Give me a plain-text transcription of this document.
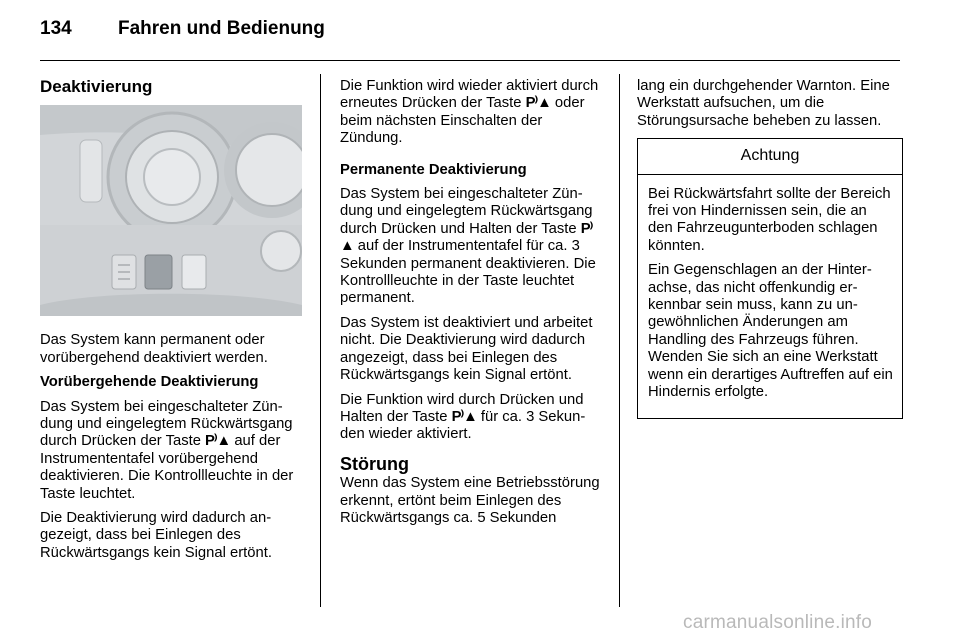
134	Fahren und Bedienung

Deaktivierung

Das System kann permanent oder vorübergehend deaktiviert werden.

Vorübergehende Deaktivierung

Das System bei eingeschalteter Zündung und eingelegtem Rückwärtsgang durch Drücken der Taste P⁾▲ auf der Instrumententafel vorübergehend deaktivieren. Die Kontrollleuchte in der Taste leuchtet.

Die Deaktivierung wird dadurch angezeigt, dass bei Einlegen des Rückwärtsgangs kein Signal ertönt.

Die Funktion wird wieder aktiviert durch erneutes Drücken der Taste P⁾▲ oder beim nächsten Einschalten der Zündung.

Permanente Deaktivierung

Das System bei eingeschalteter Zündung und eingelegtem Rückwärtsgang durch Drücken und Halten der Taste P⁾▲ auf der Instrumententafel für ca. 3 Sekunden permanent deaktivieren. Die Kontrollleuchte in der Taste leuchtet permanent.

Das System ist deaktiviert und arbeitet nicht. Die Deaktivierung wird dadurch angezeigt, dass bei Einlegen des Rückwärtsgangs kein Signal ertönt.

Die Funktion wird durch Drücken und Halten der Taste P⁾▲ für ca. 3 Sekunden wieder aktiviert.

Störung

Wenn das System eine Betriebsstörung erkennt, ertönt beim Einlegen des Rückwärtsgangs ca. 5 Sekunden

lang ein durchgehender Warnton. Eine Werkstatt aufsuchen, um die Störungsursache beheben zu lassen.

Achtung

Bei Rückwärtsfahrt sollte der Bereich frei von Hindernissen sein, die an den Fahrzeugunterboden schlagen könnten.

Ein Gegenschlagen an der Hinterachse, das nicht offenkundig erkennbar sein muss, kann zu ungewöhnlichen Änderungen am Handling des Fahrzeugs führen. Wenden Sie sich an eine Werkstatt wenn ein derartiges Auftreffen auf ein Hindernis erfolgte.

carmanualsonline.info
